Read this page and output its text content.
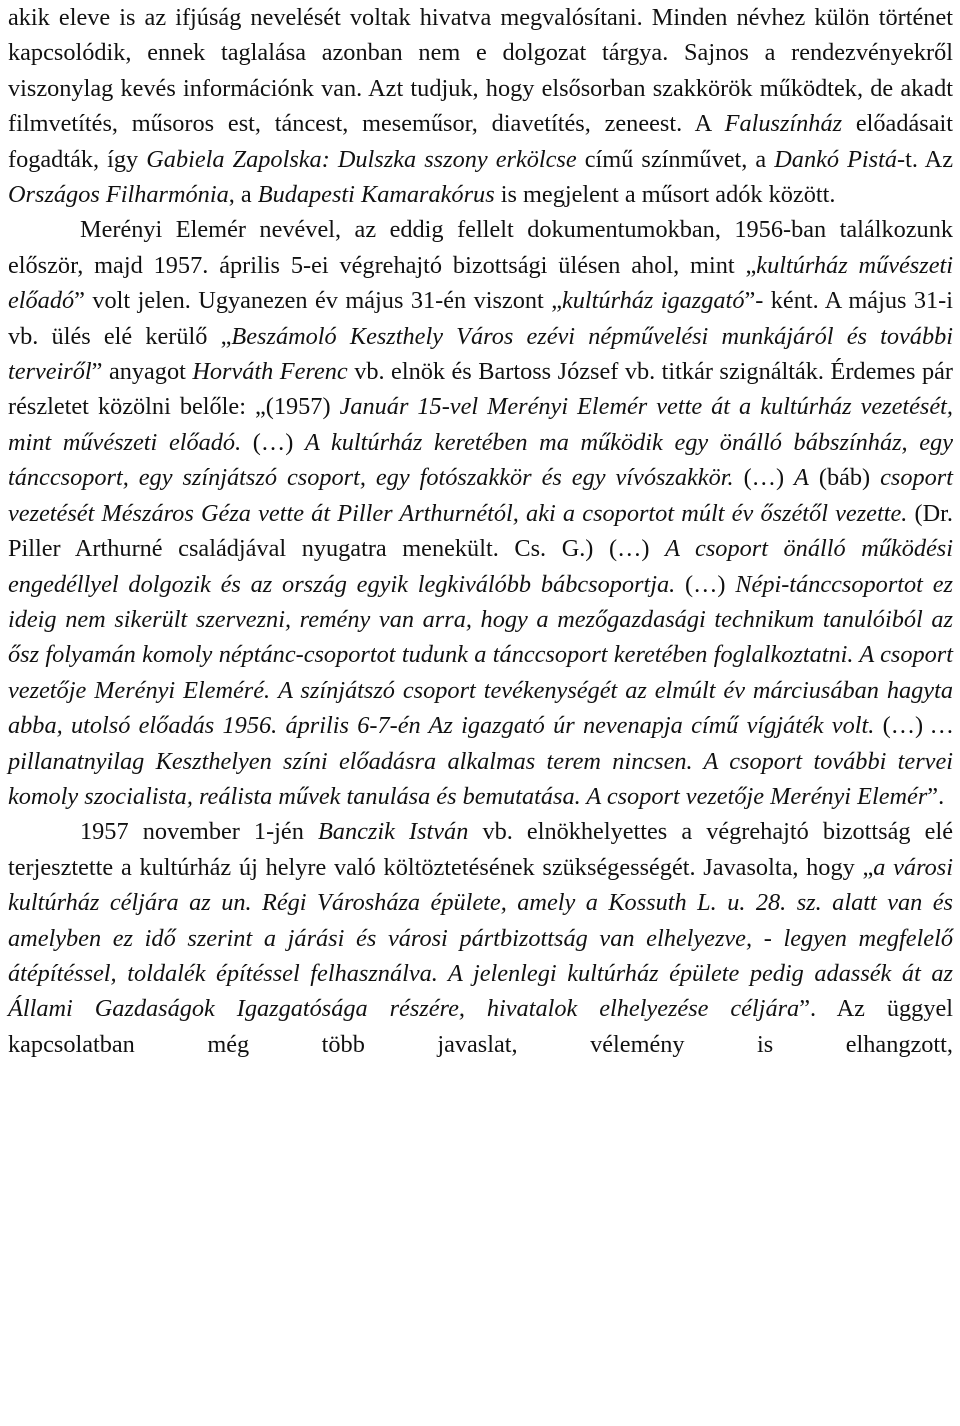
akik eleve is az ifjúság nevelését voltak hivatva megvalósítani. Minden névhez külön történet kapcsolódik, ennek taglalása azonban nem e dolgozat tárgya. Sajnos a rendezvényekről viszonylag kevés információnk van. Azt tudjuk, hogy elsősorban szakkörök működtek, de akadt filmvetítés, műsoros est, táncest, meseműsor, diavetítés, zeneest. A Faluszínház előadásait fogadták, így Gabiela Zapolska: Dulszka sszony erkölcse című színművet, a Dankó Pistá-t. Az Országos Filharmónia, a Budapesti Kamarakórus is megjelent a műsort adók között.

Merényi Elemér nevével, az eddig fellelt dokumentumokban, 1956-ban találkozunk először, majd 1957. április 5-ei végrehajtó bizottsági ülésen ahol, mint „kultúrház művészeti előadó” volt jelen. Ugyanezen év május 31-én viszont „kultúrház igazgató”- ként. A május 31-i vb. ülés elé kerülő „Beszámoló Keszthely Város ezévi népművelési munkájáról és további terveiről” anyagot Horváth Ferenc vb. elnök és Bartoss József vb. titkár szignálták. Érdemes pár részletet közölni belőle: „(1957) Január 15-vel Merényi Elemér vette át a kultúrház vezetését, mint művészeti előadó. (…) A kultúrház keretében ma működik egy önálló bábszínház, egy tánccsoport, egy színjátszó csoport, egy fotószakkör és egy vívószakkör. (…) A (báb) csoport vezetését Mészáros Géza vette át Piller Arthurnétól, aki a csoportot múlt év őszétől vezette. (Dr. Piller Arthurné családjával nyugatra menekült. Cs. G.) (…) A csoport önálló működési engedéllyel dolgozik és az ország egyik legkiválóbb bábcsoportja. (…) Népi-tánccsoportot ez ideig nem sikerült szervezni, remény van arra, hogy a mezőgazdasági technikum tanulóiból az ősz folyamán komoly néptánc-csoportot tudunk a tánccsoport keretében foglalkoztatni. A csoport vezetője Merényi Eleméré. A színjátszó csoport tevékenységét az elmúlt év márciusában hagyta abba, utolsó előadás 1956. április 6-7-én Az igazgató úr nevenapja című vígjáték volt. (…) …pillanatnyilag Keszthelyen színi előadásra alkalmas terem nincsen. A csoport további tervei komoly szocialista, reálista művek tanulása és bemutatása. A csoport vezetője Merényi Elemér”.

1957 november 1-jén Banczik István vb. elnökhelyettes a végrehajtó bizottság elé terjesztette a kultúrház új helyre való költöztetésének szükségességét. Javasolta, hogy „a városi kultúrház céljára az un. Régi Városháza épülete, amely a Kossuth L. u. 28. sz. alatt van és amelyben ez idő szerint a járási és városi pártbizottság van elhelyezve, - legyen megfelelő átépítéssel, toldalék építéssel felhasználva. A jelenlegi kultúrház épülete pedig adassék át az Állami Gazdaságok Igazgatósága részére, hivatalok elhelyezése céljára”. Az üggyel kapcsolatban még több javaslat, vélemény is elhangzott,
